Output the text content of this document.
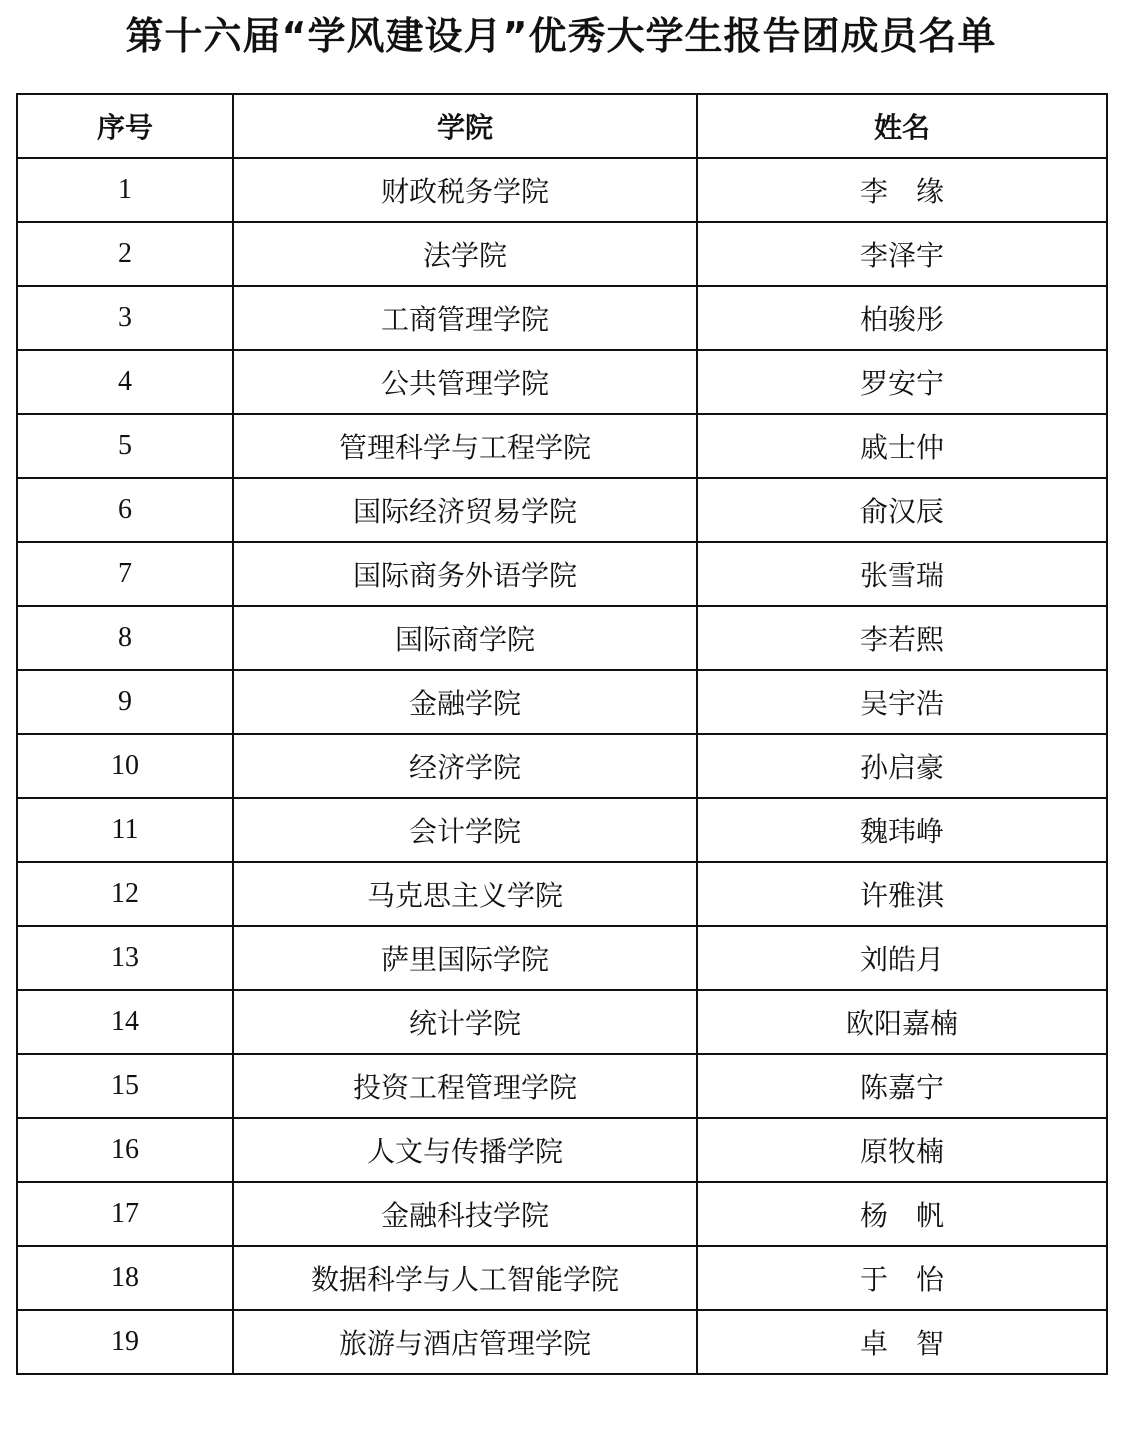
第十六届“学风建设月”优秀大学生报告团成员名单
序号	学院	姓名
1	财政税务学院	李　缘
2	法学院	李泽宇
3	工商管理学院	柏骏彤
4	公共管理学院	罗安宁
5	管理科学与工程学院	戚士仲
6	国际经济贸易学院	俞汉辰
7	国际商务外语学院	张雪瑞
8	国际商学院	李若熙
9	金融学院	吴宇浩
10	经济学院	孙启豪
11	会计学院	魏玮峥
12	马克思主义学院	许雅淇
13	萨里国际学院	刘皓月
14	统计学院	欧阳嘉楠
15	投资工程管理学院	陈嘉宁
16	人文与传播学院	原牧楠
17	金融科技学院	杨　帆
18	数据科学与人工智能学院	于　怡
19	旅游与酒店管理学院	卓　智
